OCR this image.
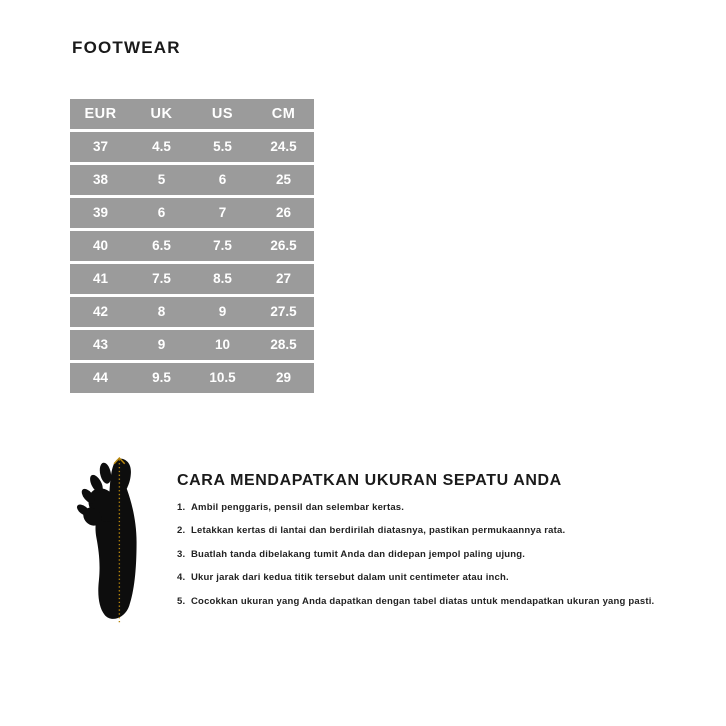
FOOTWEAR
EUR	UK	US	CM
37	4.5	5.5	24.5
38	5	6	25
39	6	7	26
40	6.5	7.5	26.5
41	7.5	8.5	27
42	8	9	27.5
43	9	10	28.5
44	9.5	10.5	29
CARA MENDAPATKAN UKURAN SEPATU ANDA
1. Ambil penggaris, pensil dan selembar kertas.
2. Letakkan kertas di lantai dan berdirilah diatasnya, pastikan permukaannya rata.
3. Buatlah tanda dibelakang tumit Anda dan didepan jempol paling ujung.
4. Ukur jarak dari kedua titik tersebut dalam unit centimeter atau inch.
5. Cocokkan ukuran yang Anda dapatkan dengan tabel diatas untuk mendapatkan ukuran yang pasti.
